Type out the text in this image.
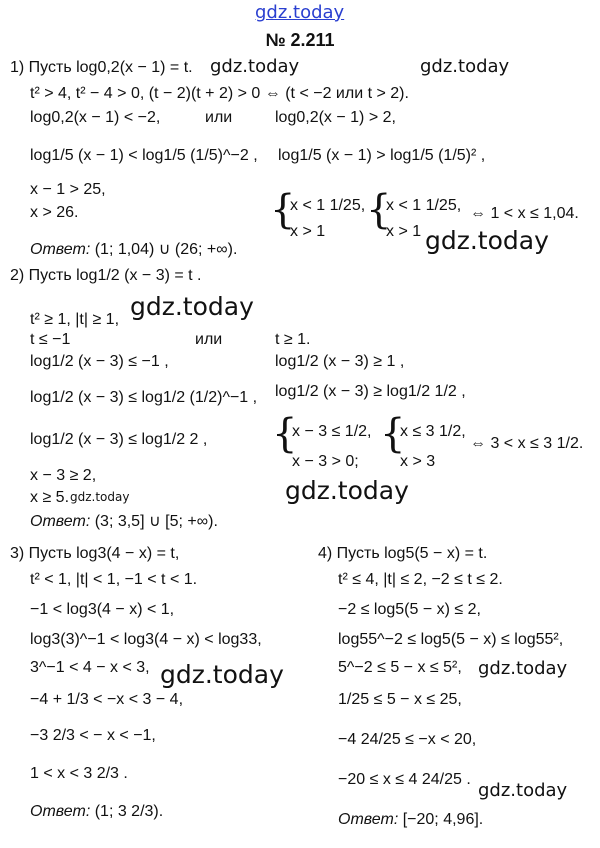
gdz.today
gdz.today	gdz.today
gdz.today
gdz.today
gdz.today
gdz.today
gdz.today	gdz.today
gdz.today
№ 2.211
1) Пусть log0,2(x − 1) = t.
t² > 4, t² − 4 > 0, (t − 2)(t + 2) > 0 ⇔ (t < −2 или t > 2).
log0,2(x − 1) < −2,	или	log0,2(x − 1) > 2,
log1/5 (x − 1) < log1/5 (1/5)^−2 , log1/5 (x − 1) > log1/5 (1/5)² ,
x − 1 > 25,
x > 26.	{
x < 1 1/25,
x > 1 {
x < 1 1/25,
x > 1
⇔ 1 < x ≤ 1,04.
Ответ: (1; 1,04) ∪ (26; +∞).
2) Пусть log1/2 (x − 3) = t .
t² ≥ 1, |t| ≥ 1,
t ≤ −1	или	t ≥ 1.
log1/2 (x − 3) ≤ −1 ,	log1/2 (x − 3) ≥ 1 ,
log1/2 (x − 3) ≤ log1/2 (1/2)^−1 , log1/2 (x − 3) ≥ log1/2 1/2 ,
log1/2 (x − 3) ≤ log1/2 2 , {
x − 3 ≤ 1/2,
x − 3 > 0;
{
x ≤ 3 1/2,
x > 3
⇔ 3 < x ≤ 3 1/2.
x − 3 ≥ 2,
x ≥ 5.
Ответ: (3; 3,5] ∪ [5; +∞).
3) Пусть log3(4 − x) = t,
t² < 1, |t| < 1, −1 < t < 1.
−1 < log3(4 − x) < 1,
log3(3)^−1 < log3(4 − x) < log33,
3^−1 < 4 − x < 3,
−4 + 1/3 < −x < 3 − 4,
−3 2/3 < − x < −1,
1 < x < 3 2/3 .
Ответ: (1; 3 2/3).
4) Пусть log5(5 − x) = t.
t² ≤ 4, |t| ≤ 2, −2 ≤ t ≤ 2.
−2 ≤ log5(5 − x) ≤ 2,
log55^−2 ≤ log5(5 − x) ≤ log55²,
5^−2 ≤ 5 − x ≤ 5²,
1/25 ≤ 5 − x ≤ 25,
−4 24/25 ≤ −x < 20,
−20 ≤ x ≤ 4 24/25 .
Ответ: [−20; 4,96].
